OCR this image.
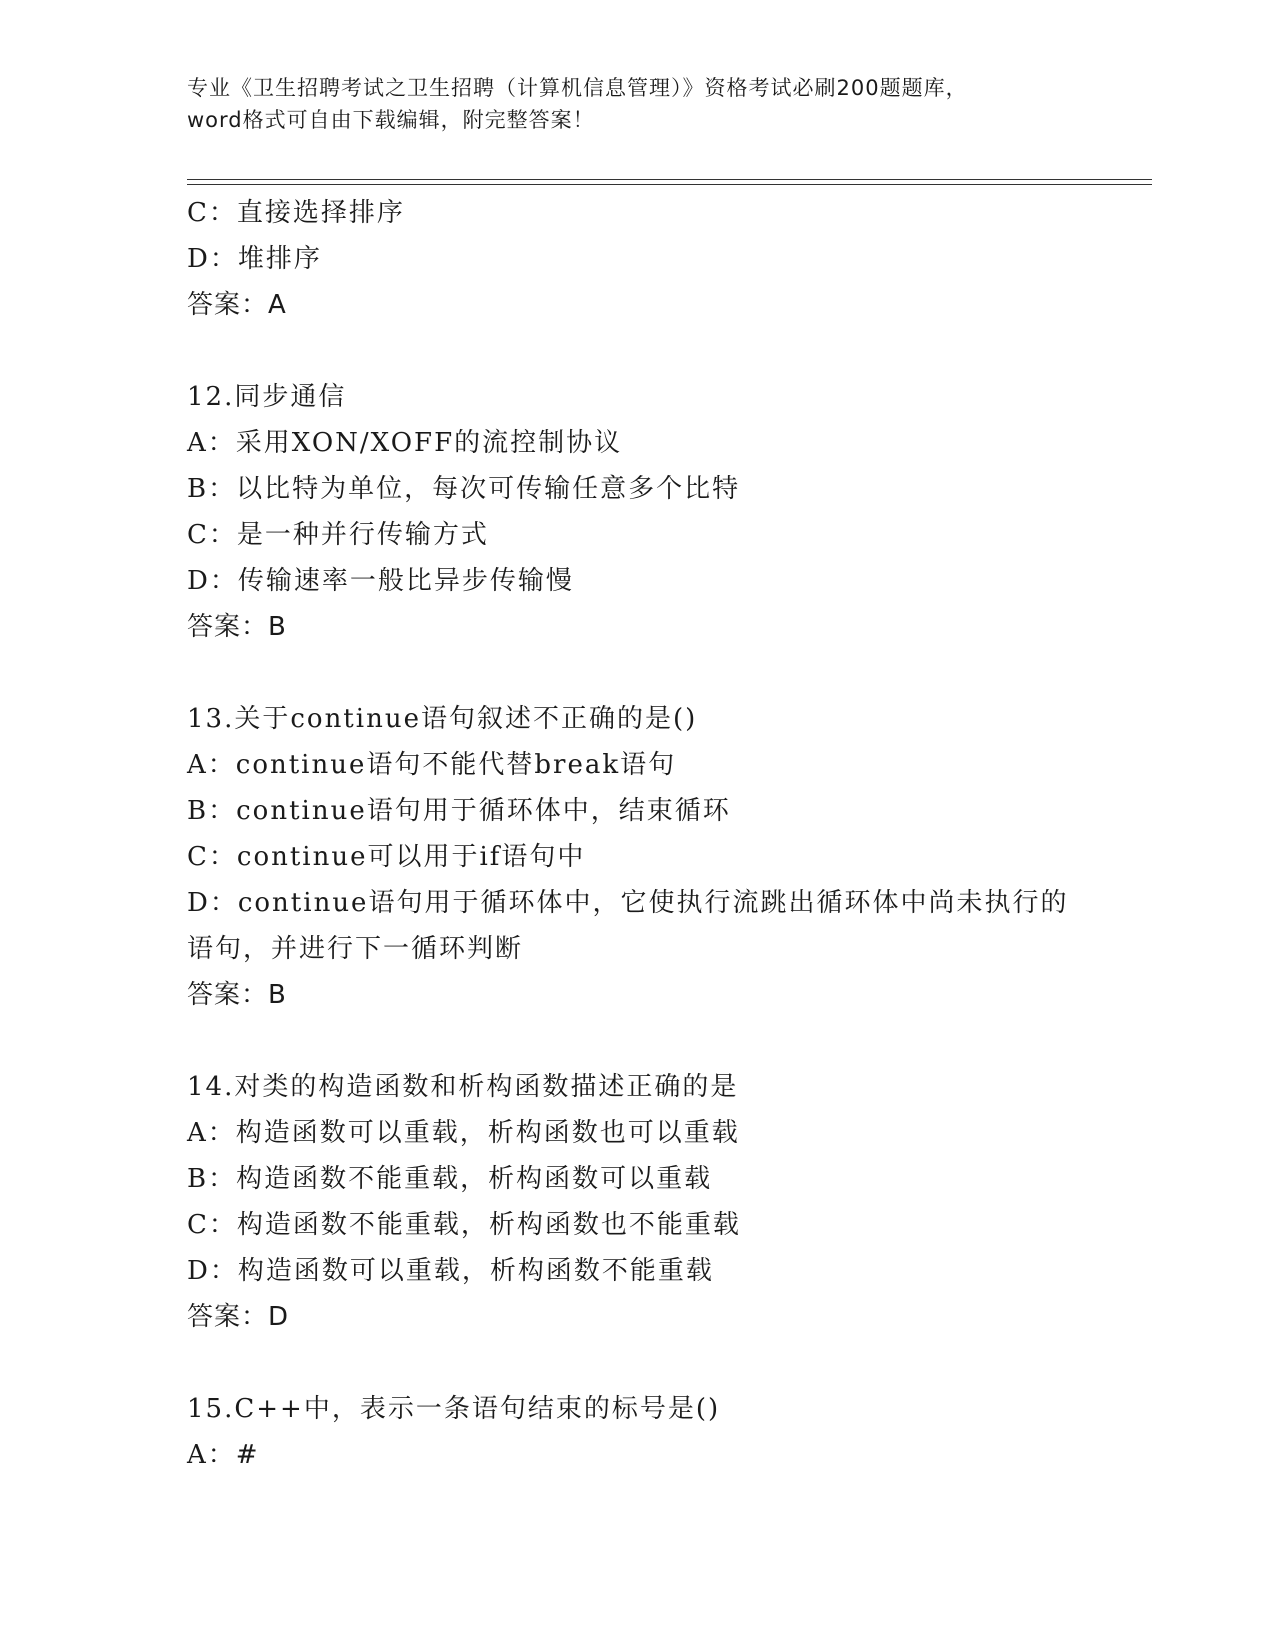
专业《卫生招聘考试之卫生招聘（计算机信息管理）》资格考试必刷200题题库，
word格式可自由下载编辑，附完整答案！
C：直接选择排序
D：堆排序
答案：A
12.同步通信
A：采用XON/XOFF的流控制协议
B：以比特为单位，每次可传输任意多个比特
C：是一种并行传输方式
D：传输速率一般比异步传输慢
答案：B
13.关于continue语句叙述不正确的是()
A：continue语句不能代替break语句
B：continue语句用于循环体中，结束循环
C：continue可以用于if语句中
D：continue语句用于循环体中，它使执行流跳出循环体中尚未执行的语句，并进行下一循环判断
答案：B
14.对类的构造函数和析构函数描述正确的是
A：构造函数可以重载，析构函数也可以重载
B：构造函数不能重载，析构函数可以重载
C：构造函数不能重载，析构函数也不能重载
D：构造函数可以重载，析构函数不能重载
答案：D
15.C++中，表示一条语句结束的标号是()
A：#
